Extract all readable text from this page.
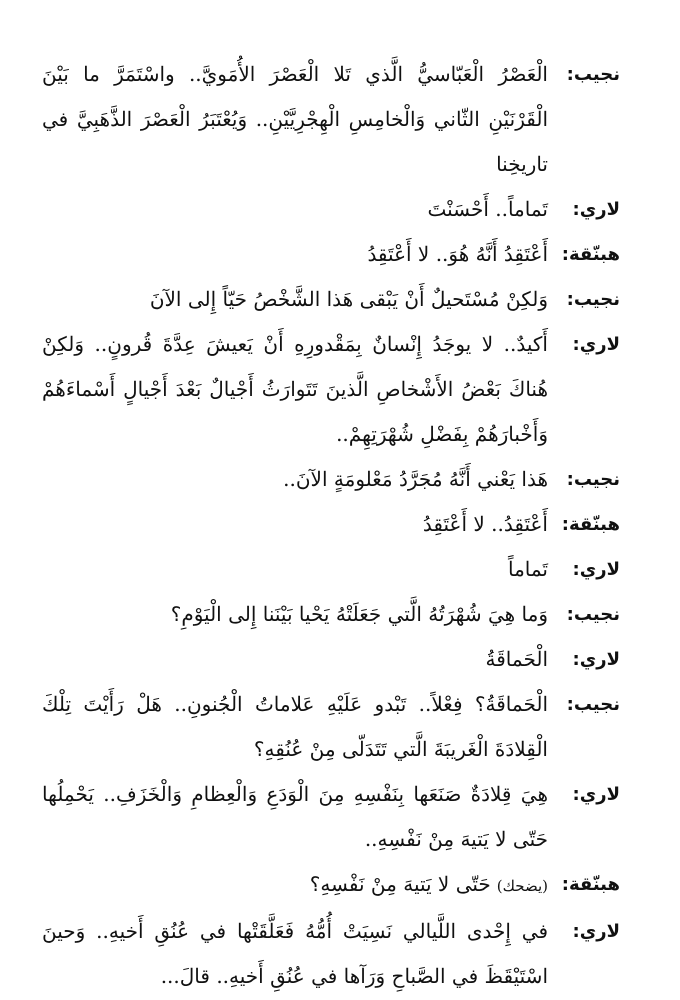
نجيب:
الْعَصْرُ الْعَبّاسيُّ الَّذي تَلا الْعَصْرَ الأُمَويَّ.. واسْتَمَرَّ ما بَيْنَ الْقَرْنَيْنِ الثّاني وَالْخامِسِ الْهِجْرِيَّيْنِ.. وَيُعْتَبَرُ الْعَصْرَ الذَّهَبِيَّ في تاريخِنا
لاري:
تَماماً.. أَحْسَنْتَ
هبنّقة:
أَعْتَقِدُ أَنَّهُ هُوَ.. لا أَعْتَقِدُ
نجيب:
وَلكِنْ مُسْتَحيلٌ أَنْ يَبْقى هَذا الشَّخْصُ حَيّاً إِلى الآنَ
لاري:
أَكيدٌ.. لا يوجَدُ إِنْسانٌ بِمَقْدورِهِ أَنْ يَعيشَ عِدَّةَ قُرونٍ.. وَلكِنْ هُناكَ بَعْضُ الأَشْخاصِ الَّذينَ تَتَوارَثُ أَجْيالٌ بَعْدَ أَجْيالٍ أَسْماءَهُمْ وَأَخْبارَهُمْ بِفَضْلِ شُهْرَتِهِمْ..
نجيب:
هَذا يَعْني أَنَّهُ مُجَرَّدُ مَعْلومَةٍ الآنَ..
هبنّقة:
أَعْتَقِدُ.. لا أَعْتَقِدُ
لاري:
تَماماً
نجيب:
وَما هِيَ شُهْرَتُهُ الَّتي جَعَلَتْهُ يَحْيا بَيْنَنا إِلى الْيَوْمِ؟
لاري:
الْحَماقَةُ
نجيب:
الْحَماقَةُ؟ فِعْلاً.. تَبْدو عَلَيْهِ عَلاماتُ الْجُنونِ.. هَلْ رَأَيْتَ تِلْكَ الْقِلادَةَ الْغَريبَةَ الَّتي تَتَدَلّى مِنْ عُنُقِهِ؟
لاري:
هِيَ قِلادَةٌ صَنَعَها بِنَفْسِهِ مِنَ الْوَدَعِ وَالْعِظامِ وَالْخَزَفِ.. يَحْمِلُها حَتّى لا يَتيهَ مِنْ نَفْسِهِ..
هبنّقة:
(يضحك)حَتّى لا يَتيهَ مِنْ نَفْسِهِ؟
لاري:
في إِحْدى اللَّيالي نَسِيَتْ أُمُّهُ فَعَلَّقَتْها في عُنُقِ أَخيهِ.. وَحينَ اسْتَيْقَظَ في الصَّباحِ وَرَآها في عُنُقِ أَخيهِ.. قالَ...
